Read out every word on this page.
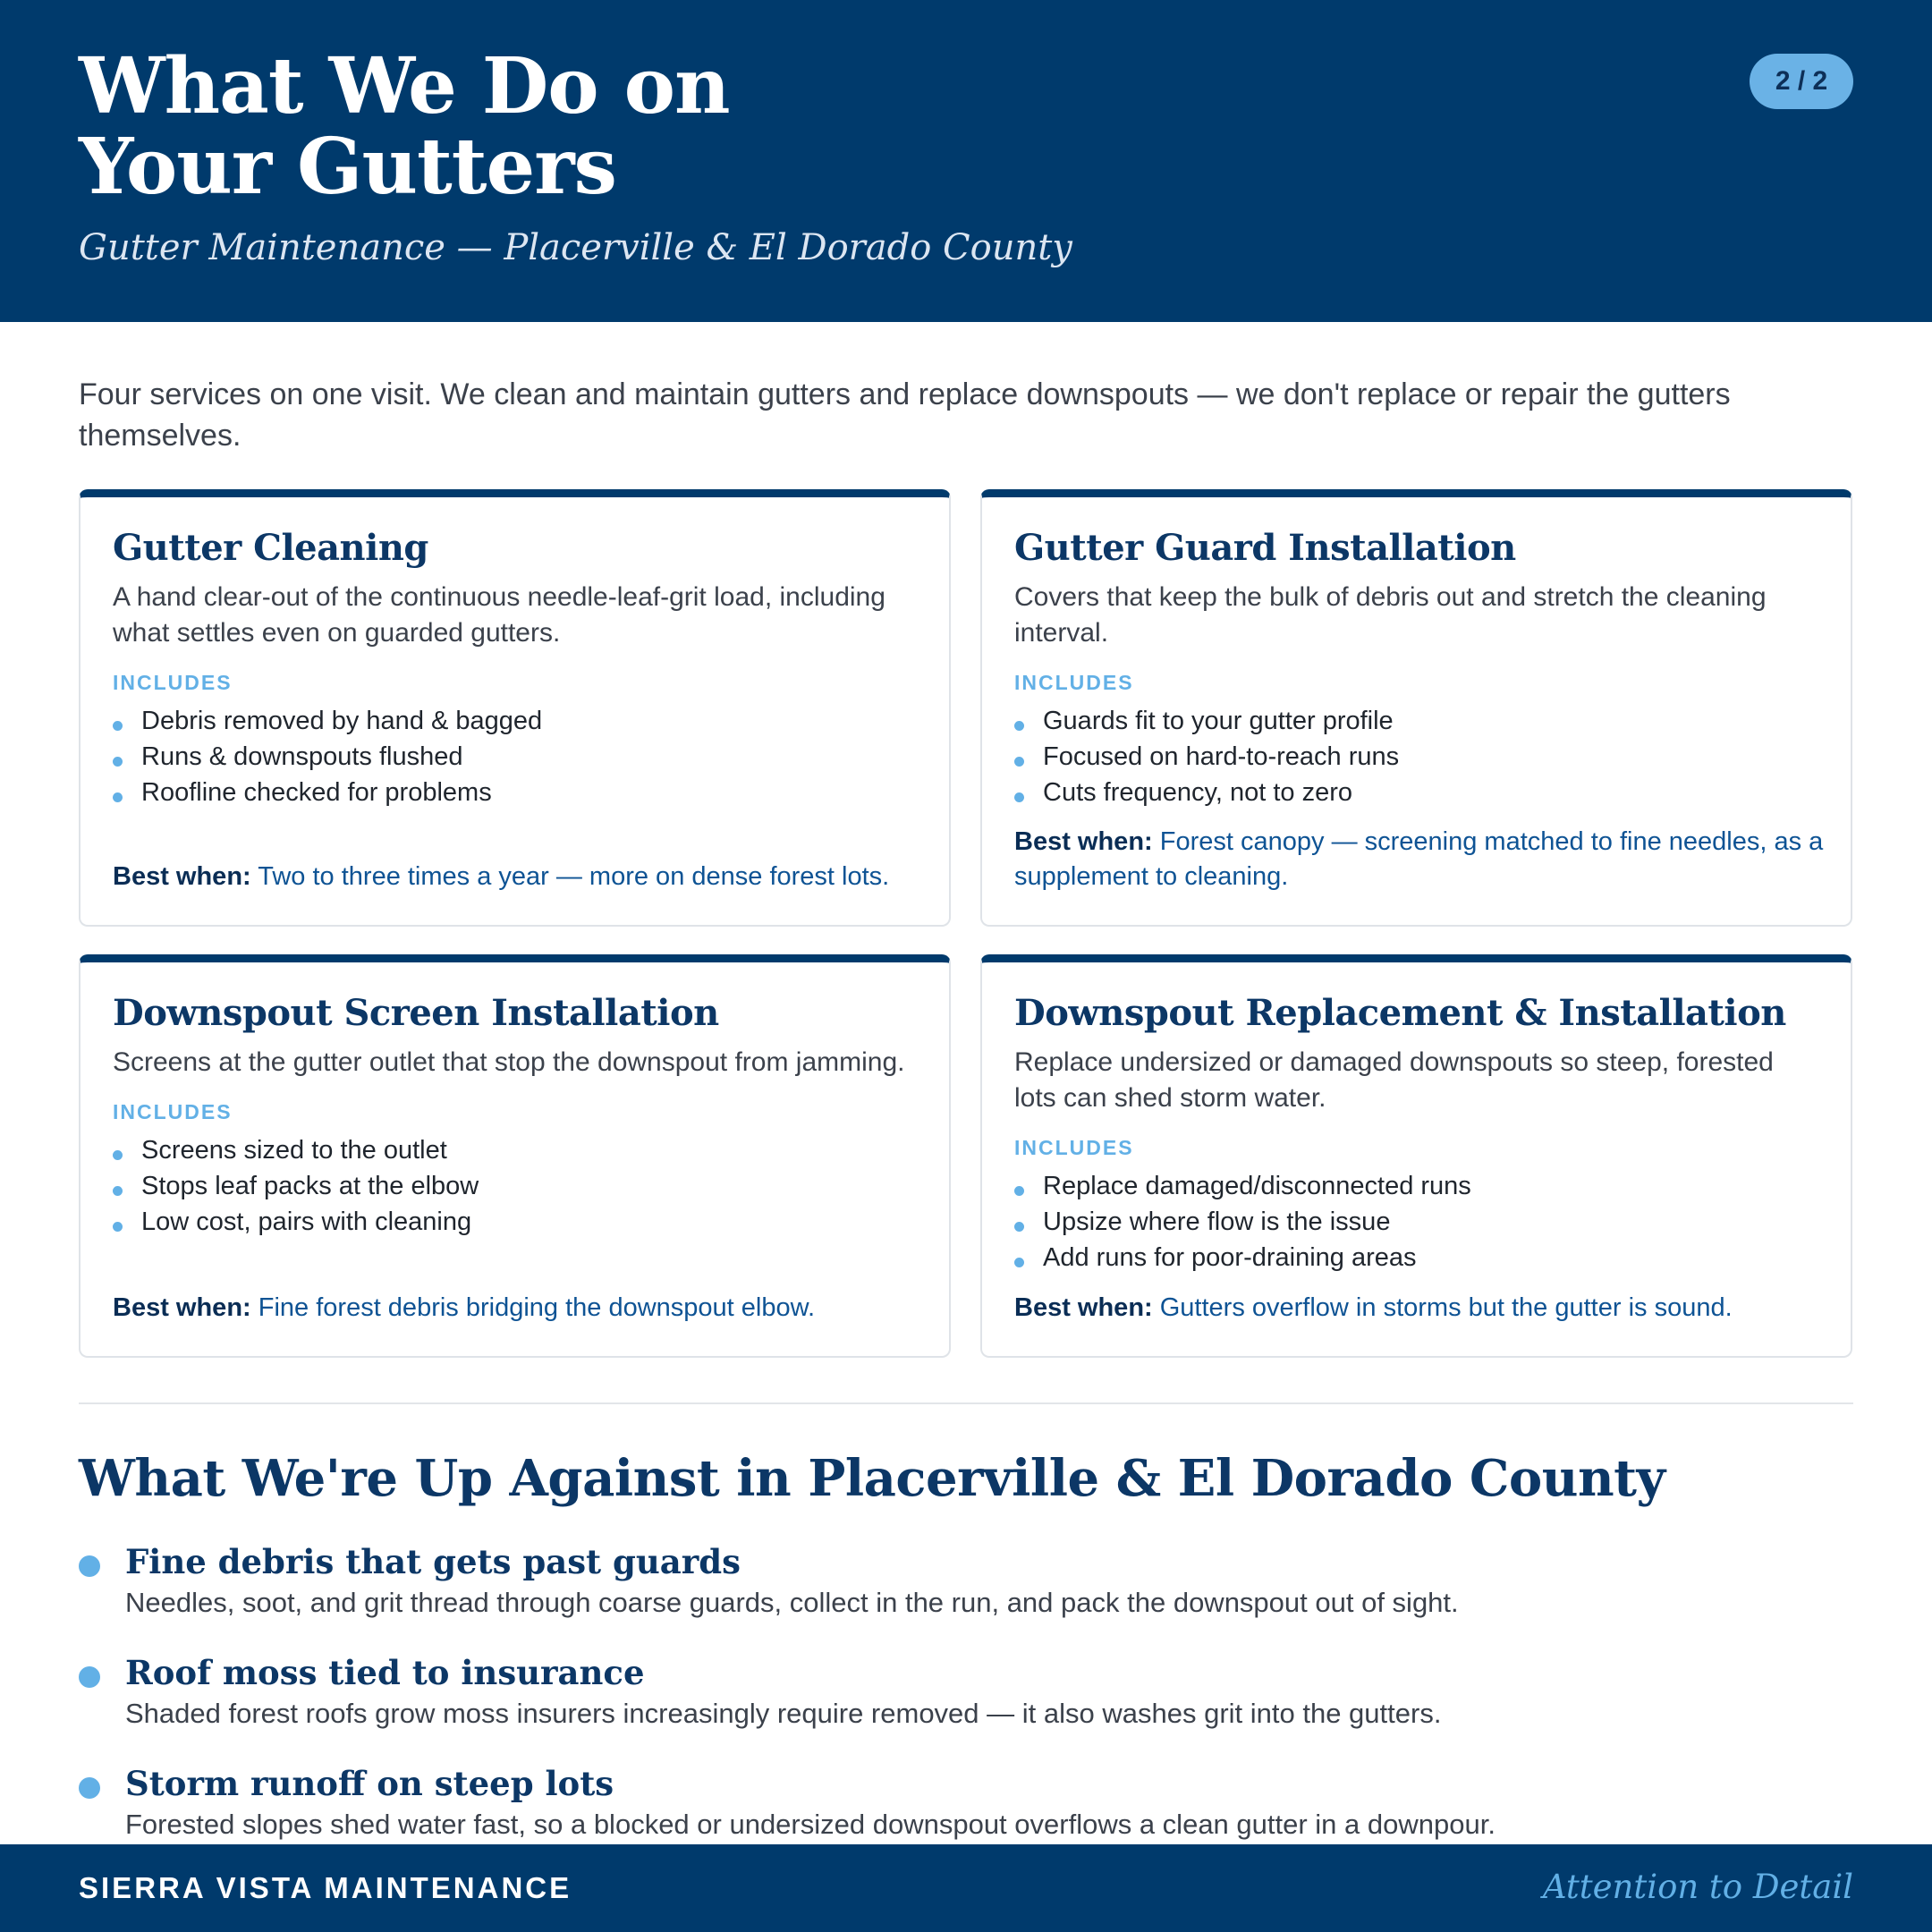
What We Do on
Your Gutters
Gutter Maintenance — Placerville & El Dorado County
2 / 2

Four services on one visit. We clean and maintain gutters and replace downspouts — we don't replace or repair the gutters themselves.

Gutter Cleaning

A hand clear-out of the continuous needle-leaf-grit load, including what settles even on guarded gutters.

INCLUDES
Debris removed by hand & bagged
Runs & downspouts flushed
Roofline checked for problems

Best when: Two to three times a year — more on dense forest lots.

Gutter Guard Installation

Covers that keep the bulk of debris out and stretch the cleaning interval.

INCLUDES
Guards fit to your gutter profile
Focused on hard-to-reach runs
Cuts frequency, not to zero

Best when: Forest canopy — screening matched to fine needles, as a supplement to cleaning.

Downspout Screen Installation

Screens at the gutter outlet that stop the downspout from jamming.

INCLUDES
Screens sized to the outlet
Stops leaf packs at the elbow
Low cost, pairs with cleaning

Best when: Fine forest debris bridging the downspout elbow.

Downspout Replacement & Installation

Replace undersized or damaged downspouts so steep, forested lots can shed storm water.

INCLUDES
Replace damaged/disconnected runs
Upsize where flow is the issue
Add runs for poor-draining areas

Best when: Gutters overflow in storms but the gutter is sound.

What We're Up Against in Placerville & El Dorado County
Fine debris that gets past guards
Needles, soot, and grit thread through coarse guards, collect in the run, and pack the downspout out of sight.
Roof moss tied to insurance
Shaded forest roofs grow moss insurers increasingly require removed — it also washes grit into the gutters.
Storm runoff on steep lots
Forested slopes shed water fast, so a blocked or undersized downspout overflows a clean gutter in a downpour.
SIERRA VISTA MAINTENANCE	Attention to Detail
